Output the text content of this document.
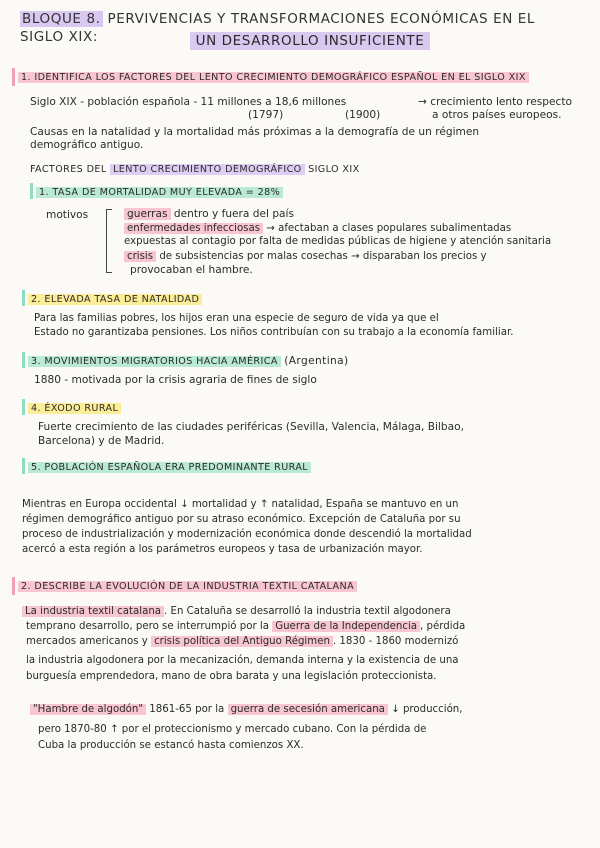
BLOQUE 8. PERVIVENCIAS Y TRANSFORMACIONES ECONÓMICAS EN EL SIGLO XIX:	UN DESARROLLO INSUFICIENTE
1. IDENTIFICA LOS FACTORES DEL LENTO CRECIMIENTO DEMOGRÁFICO ESPAÑOL EN EL SIGLO XIX
Siglo XIX - población española - 11 millones a 18,6 millones
(1797)	(1900)
→ crecimiento lento respecto
a otros países europeos.
Causas en la natalidad y la mortalidad más próximas a la demografía de un régimen
demográfico antiguo.
FACTORES DEL LENTO CRECIMIENTO DEMOGRÁFICO SIGLO XIX
1. TASA DE MORTALIDAD MUY ELEVADA = 28%
motivos	guerras dentro y fuera del país
enfermedades infecciosas → afectaban a clases populares subalimentadas
expuestas al contagio por falta de medidas públicas de higiene y atención sanitaria
crisis de subsistencias por malas cosechas → disparaban los precios y
provocaban el hambre.
2. ELEVADA TASA DE NATALIDAD
Para las familias pobres, los hijos eran una especie de seguro de vida ya que el
Estado no garantizaba pensiones. Los niños contribuían con su trabajo a la economía familiar.
3. MOVIMIENTOS MIGRATORIOS HACIA AMÉRICA (Argentina)
1880 - motivada por la crisis agraria de fines de siglo
4. ÉXODO RURAL
Fuerte crecimiento de las ciudades periféricas (Sevilla, Valencia, Málaga, Bilbao,
Barcelona) y de Madrid.
5. POBLACIÓN ESPAÑOLA ERA PREDOMINANTE RURAL
Mientras en Europa occidental ↓ mortalidad y ↑ natalidad, España se mantuvo en un
régimen demográfico antiguo por su atraso económico. Excepción de Cataluña por su
proceso de industrialización y modernización económica donde descendió la mortalidad
acercó a esta región a los parámetros europeos y tasa de urbanización mayor.
2. DESCRIBE LA EVOLUCIÓN DE LA INDUSTRIA TEXTIL CATALANA
La industria textil catalana . En Cataluña se desarrolló la industria textil algodonera
temprano desarrollo, pero se interrumpió por la Guerra de la Independencia , pérdida
mercados americanos y crisis política del Antiguo Régimen . 1830 - 1860 modernizó
la industria algodonera por la mecanización, demanda interna y la existencia de una
burguesía emprendedora, mano de obra barata y una legislación proteccionista.
"Hambre de algodón" 1861-65 por la guerra de secesión americana ↓ producción,
pero 1870-80 ↑ por el proteccionismo y mercado cubano. Con la pérdida de
Cuba la producción se estancó hasta comienzos XX.
